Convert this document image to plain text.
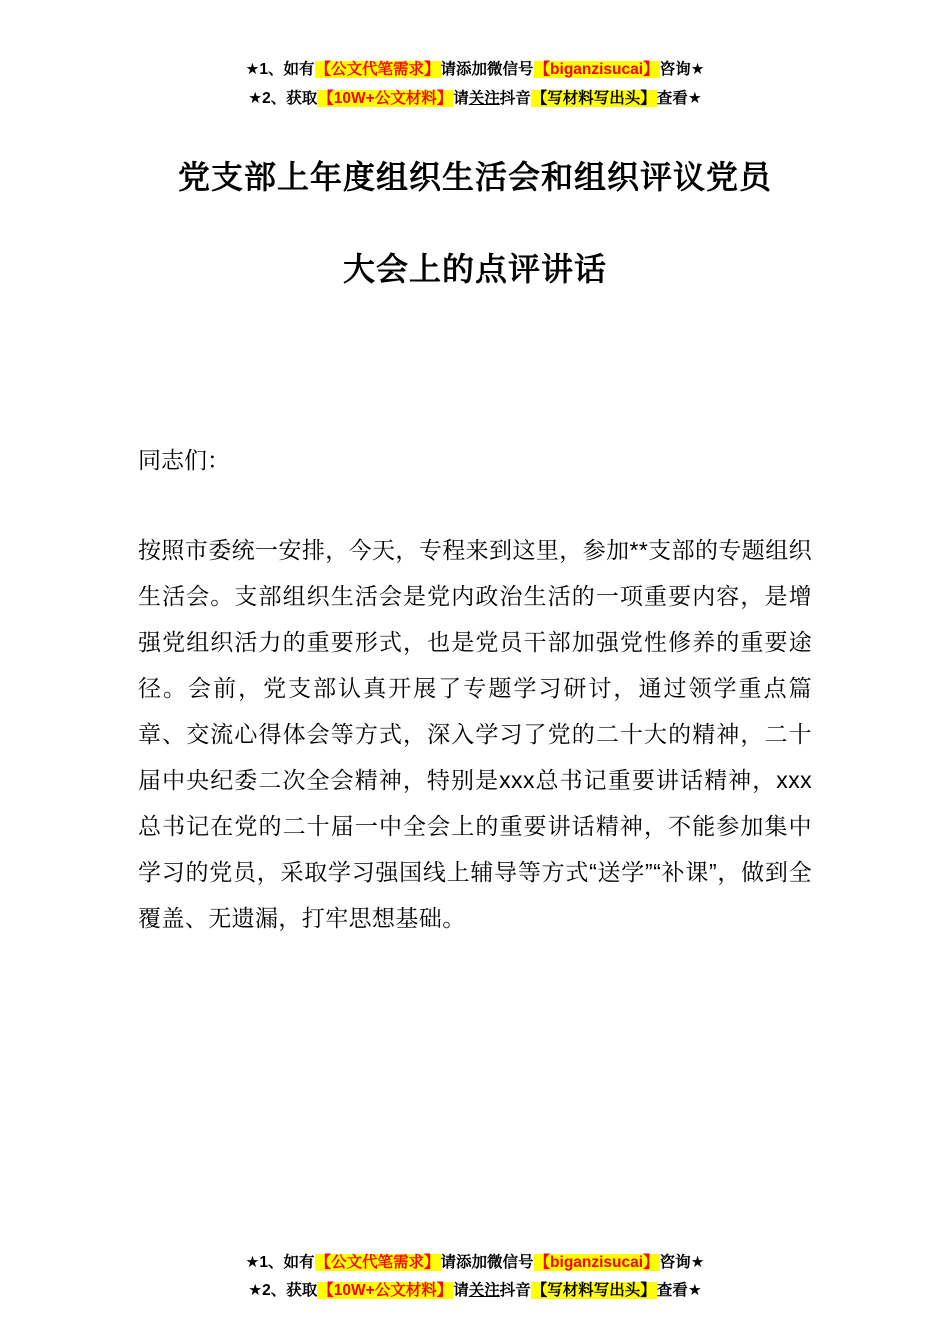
★1、如有【公文代笔需求】请添加微信号【biganzisucai】咨询★
★2、获取【10W+公文材料】请关注抖音【写材料写出头】查看★
党支部上年度组织生活会和组织评议党员
大会上的点评讲话
同志们：
按照市委统一安排，今天，专程来到这里，参加**支部的专题组织生活会。支部组织生活会是党内政治生活的一项重要内容，是增强党组织活力的重要形式，也是党员干部加强党性修养的重要途径。会前，党支部认真开展了专题学习研讨，通过领学重点篇章、交流心得体会等方式，深入学习了党的二十大的精神，二十届中央纪委二次全会精神，特别是xxx总书记重要讲话精神，xxx总书记在党的二十届一中全会上的重要讲话精神，不能参加集中学习的党员，采取学习强国线上辅导等方式“送学”“补课”，做到全覆盖、无遗漏，打牢思想基础。
★1、如有【公文代笔需求】请添加微信号【biganzisucai】咨询★
★2、获取【10W+公文材料】请关注抖音【写材料写出头】查看★
